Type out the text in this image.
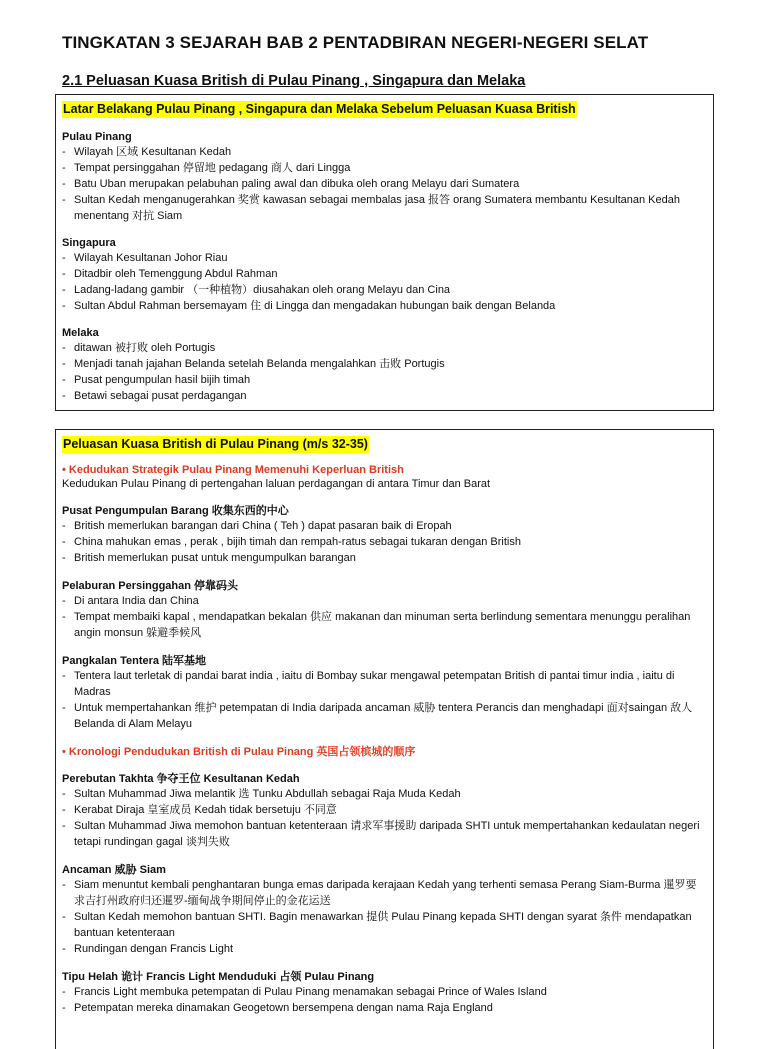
TINGKATAN 3 SEJARAH BAB 2 PENTADBIRAN NEGERI-NEGERI SELAT
2.1 Peluasan Kuasa British di Pulau Pinang , Singapura dan Melaka
Latar Belakang Pulau Pinang , Singapura dan Melaka Sebelum Peluasan Kuasa British
Pulau Pinang
- Wilayah 区域 Kesultanan Kedah
- Tempat persinggahan 停留地 pedagang 商人 dari Lingga
- Batu Uban merupakan pelabuhan paling awal dan dibuka oleh orang Melayu dari Sumatera
- Sultan Kedah menganugerahkan 奖赏 kawasan sebagai membalas jasa 报答 orang Sumatera membantu Kesultanan Kedah menentang 对抗 Siam
Singapura
- Wilayah Kesultanan Johor Riau
- Ditadbir oleh Temenggung Abdul Rahman
- Ladang-ladang gambir （一种植物）diusahakan oleh orang Melayu dan Cina
- Sultan Abdul Rahman bersemayam 住 di Lingga dan mengadakan hubungan baik dengan Belanda
Melaka
- ditawan 被打败 oleh Portugis
- Menjadi tanah jajahan Belanda setelah Belanda mengalahkan 击败 Portugis
- Pusat pengumpulan hasil bijih timah
- Betawi sebagai pusat perdagangan
Peluasan Kuasa British di Pulau Pinang (m/s 32-35)
• Kedudukan Strategik Pulau Pinang Memenuhi Keperluan British
Kedudukan Pulau Pinang di pertengahan laluan perdagangan di antara Timur dan Barat
Pusat Pengumpulan Barang 收集东西的中心
- British memerlukan barangan dari China ( Teh ) dapat pasaran baik di Eropah
- China mahukan emas , perak , bijih timah dan rempah-ratus sebagai tukaran dengan British
- British memerlukan pusat untuk mengumpulkan barangan
Pelaburan Persinggahan 停靠码头
- Di antara India dan China
- Tempat membaiki kapal , mendapatkan bekalan 供应 makanan dan minuman serta berlindung sementara menunggu peralihan angin monsun 躲避季候风
Pangkalan Tentera 陆军基地
- Tentera laut terletak di pandai barat india , iaitu di Bombay sukar mengawal petempatan British di pantai timur india , iaitu di Madras
- Untuk mempertahankan 维护 petempatan di India daripada ancaman 威胁 tentera Perancis dan menghadapi 面对saingan 敌人 Belanda di Alam Melayu
• Kronologi Pendudukan British di Pulau Pinang 英国占领槟城的顺序
Perebutan Takhta 争夺王位 Kesultanan Kedah
- Sultan Muhammad Jiwa melantik 选 Tunku Abdullah sebagai Raja Muda Kedah
- Kerabat Diraja 皇室成员 Kedah tidak bersetuju 不同意
- Sultan Muhammad Jiwa memohon bantuan ketenteraan 请求军事援助 daripada SHTI untuk mempertahankan kedaulatan negeri tetapi rundingan gagal 谈判失败
Ancaman 威胁 Siam
- Siam menuntut kembali penghantaran bunga emas daripada kerajaan Kedah yang terhenti semasa Perang Siam-Burma 暹罗要求吉打州政府归还暹罗-缅甸战争期间停止的金花运送
- Sultan Kedah memohon bantuan SHTI. Bagin menawarkan 提供 Pulau Pinang kepada SHTI dengan syarat 条件 mendapatkan bantuan ketenteraan
- Rundingan dengan Francis Light
Tipu Helah 诡计 Francis Light Menduduki 占领 Pulau Pinang
- Francis Light membuka petempatan di Pulau Pinang menamakan sebagai Prince of Wales Island
- Petempatan mereka dinamakan Geogetown bersempena dengan nama Raja England
